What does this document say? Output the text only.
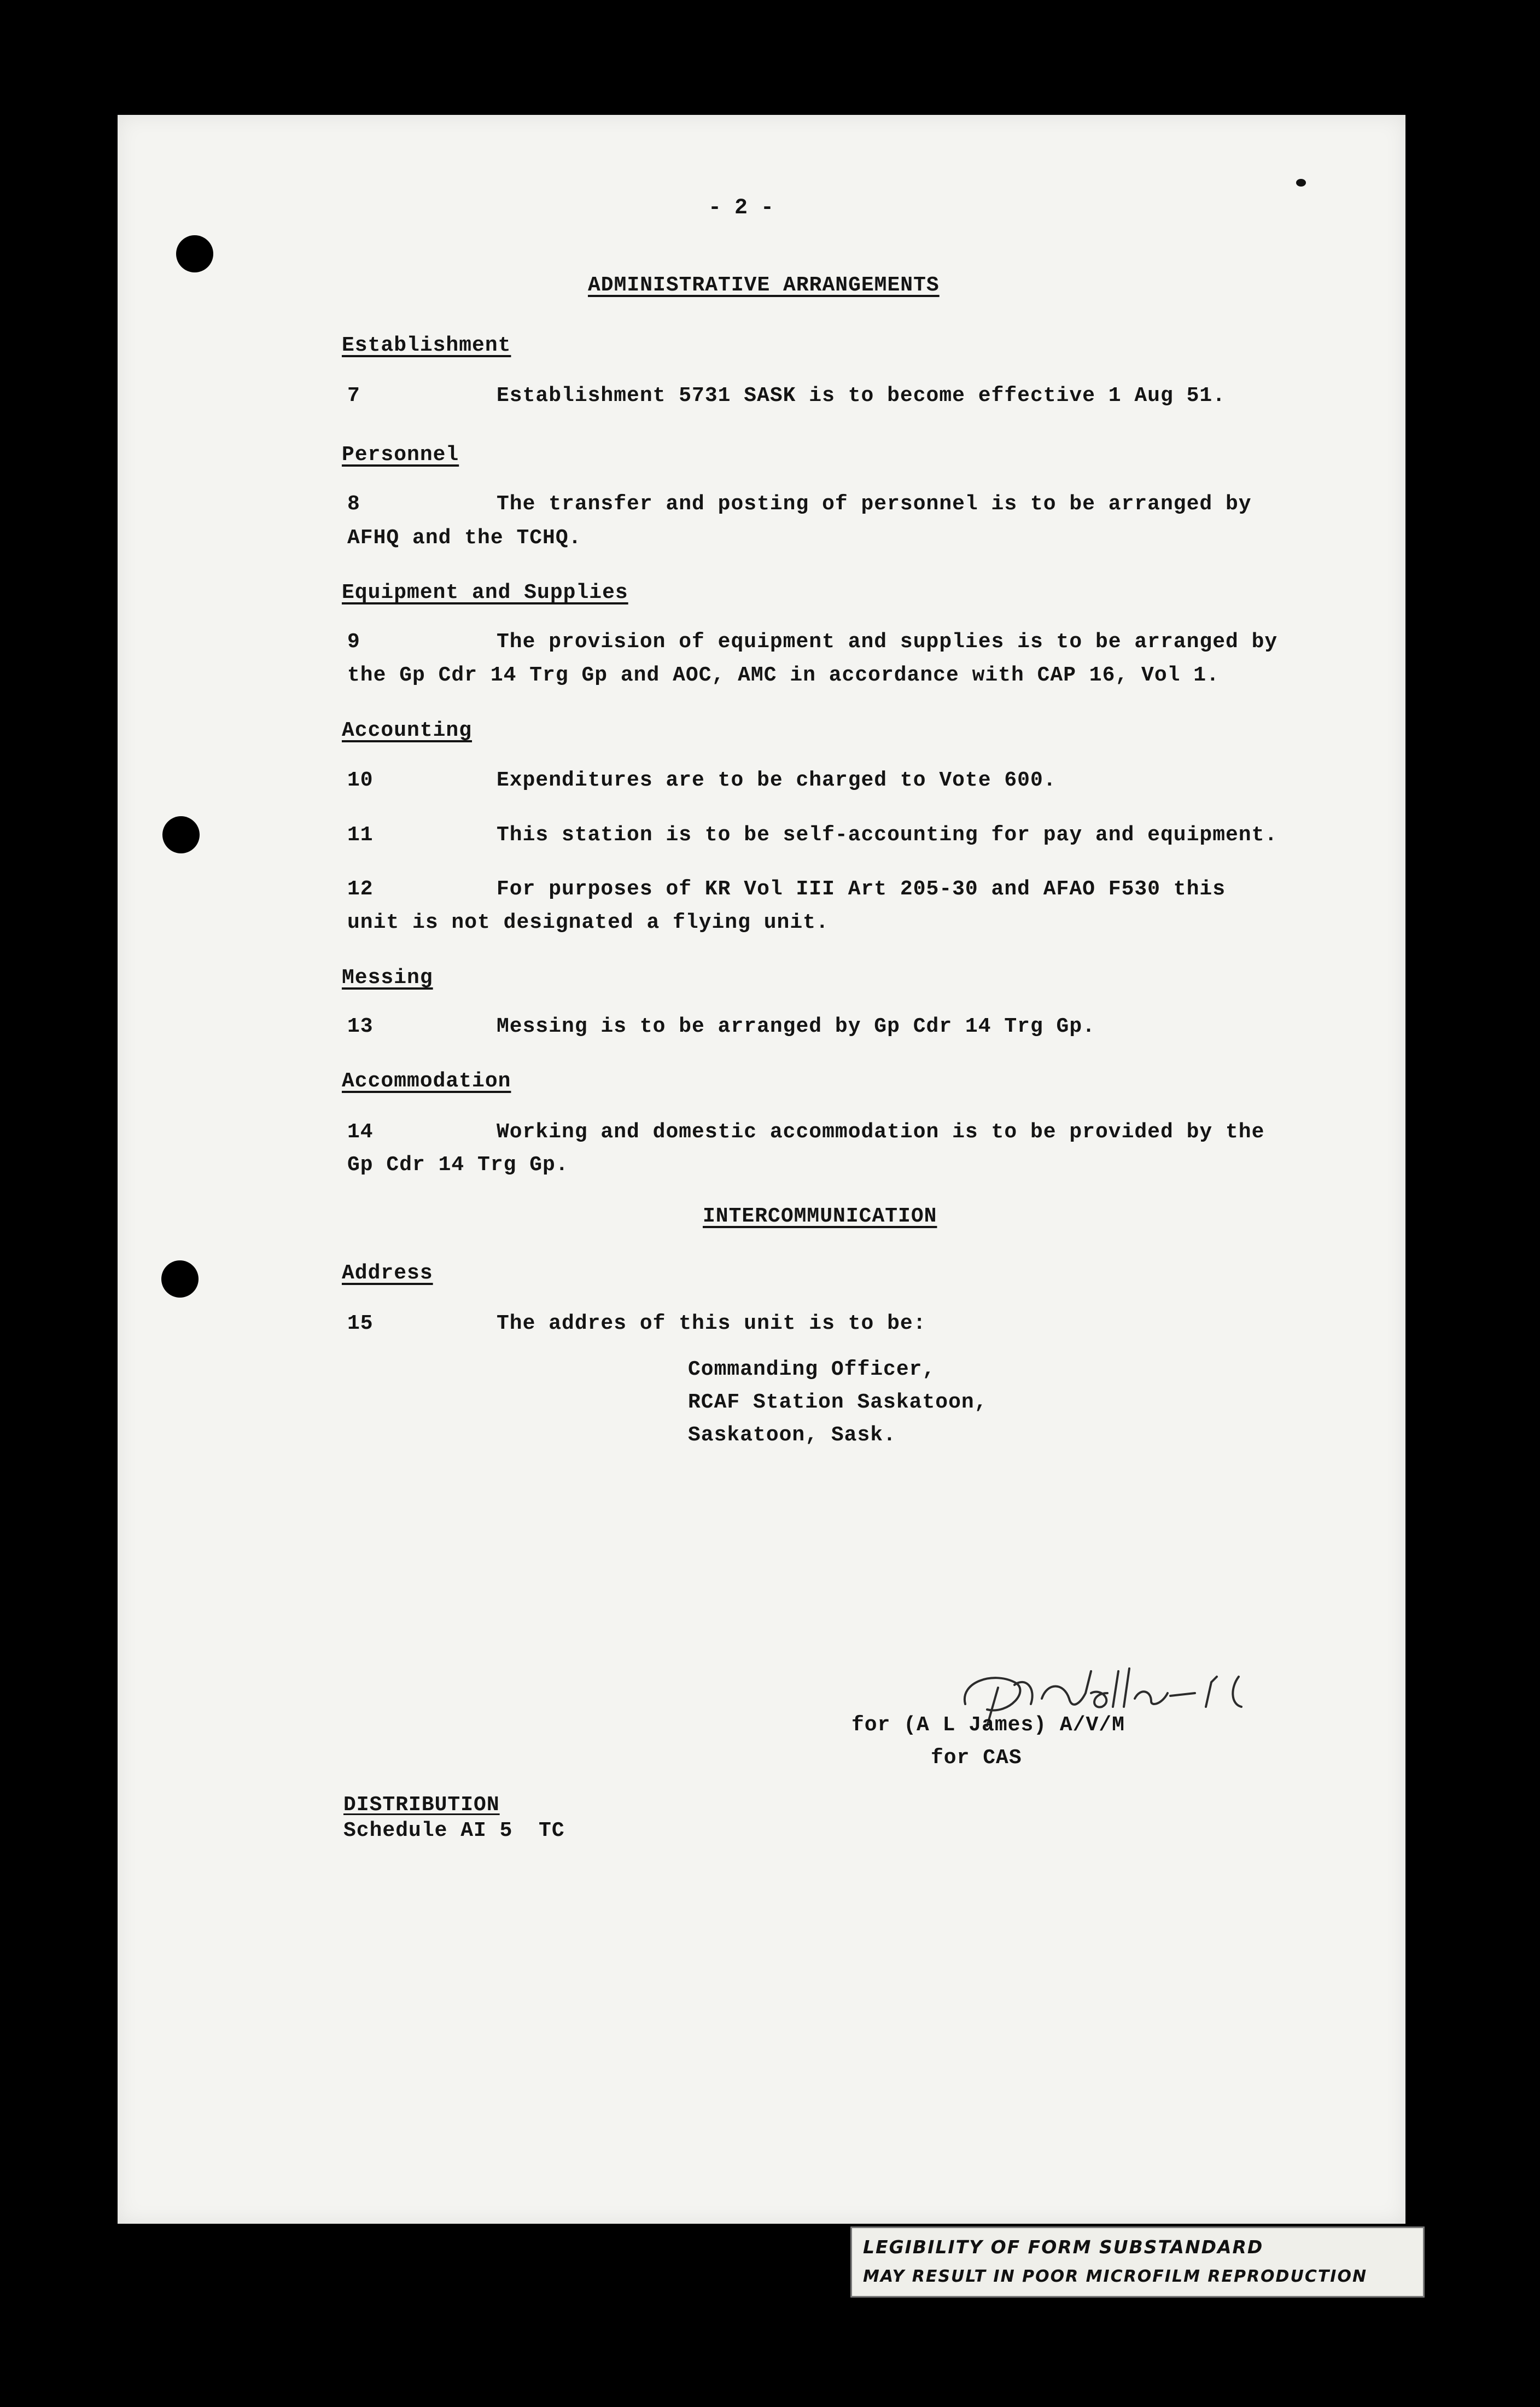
- 2 -
ADMINISTRATIVE ARRANGEMENTS
Establishment
7	Establishment 5731 SASK is to become effective 1 Aug 51.
Personnel
8	The transfer and posting of personnel is to be arranged by
AFHQ and the TCHQ.
Equipment and Supplies
9	The provision of equipment and supplies is to be arranged by
the Gp Cdr 14 Trg Gp and AOC, AMC in accordance with CAP 16, Vol 1.
Accounting
10	Expenditures are to be charged to Vote 600.
11	This station is to be self-accounting for pay and equipment.
12	For purposes of KR Vol III Art 205-30 and AFAO F530 this
unit is not designated a flying unit.
Messing
13	Messing is to be arranged by Gp Cdr 14 Trg Gp.
Accommodation
14	Working and domestic accommodation is to be provided by the
Gp Cdr 14 Trg Gp.
INTERCOMMUNICATION
Address
15	The addres of this unit is to be:
Commanding Officer,
RCAF Station Saskatoon,
Saskatoon, Sask.
for (A L James) A/V/M
for CAS
DISTRIBUTION
Schedule AI 5  TC
LEGIBILITY OF FORM SUBSTANDARD
MAY RESULT IN POOR MICROFILM REPRODUCTION
